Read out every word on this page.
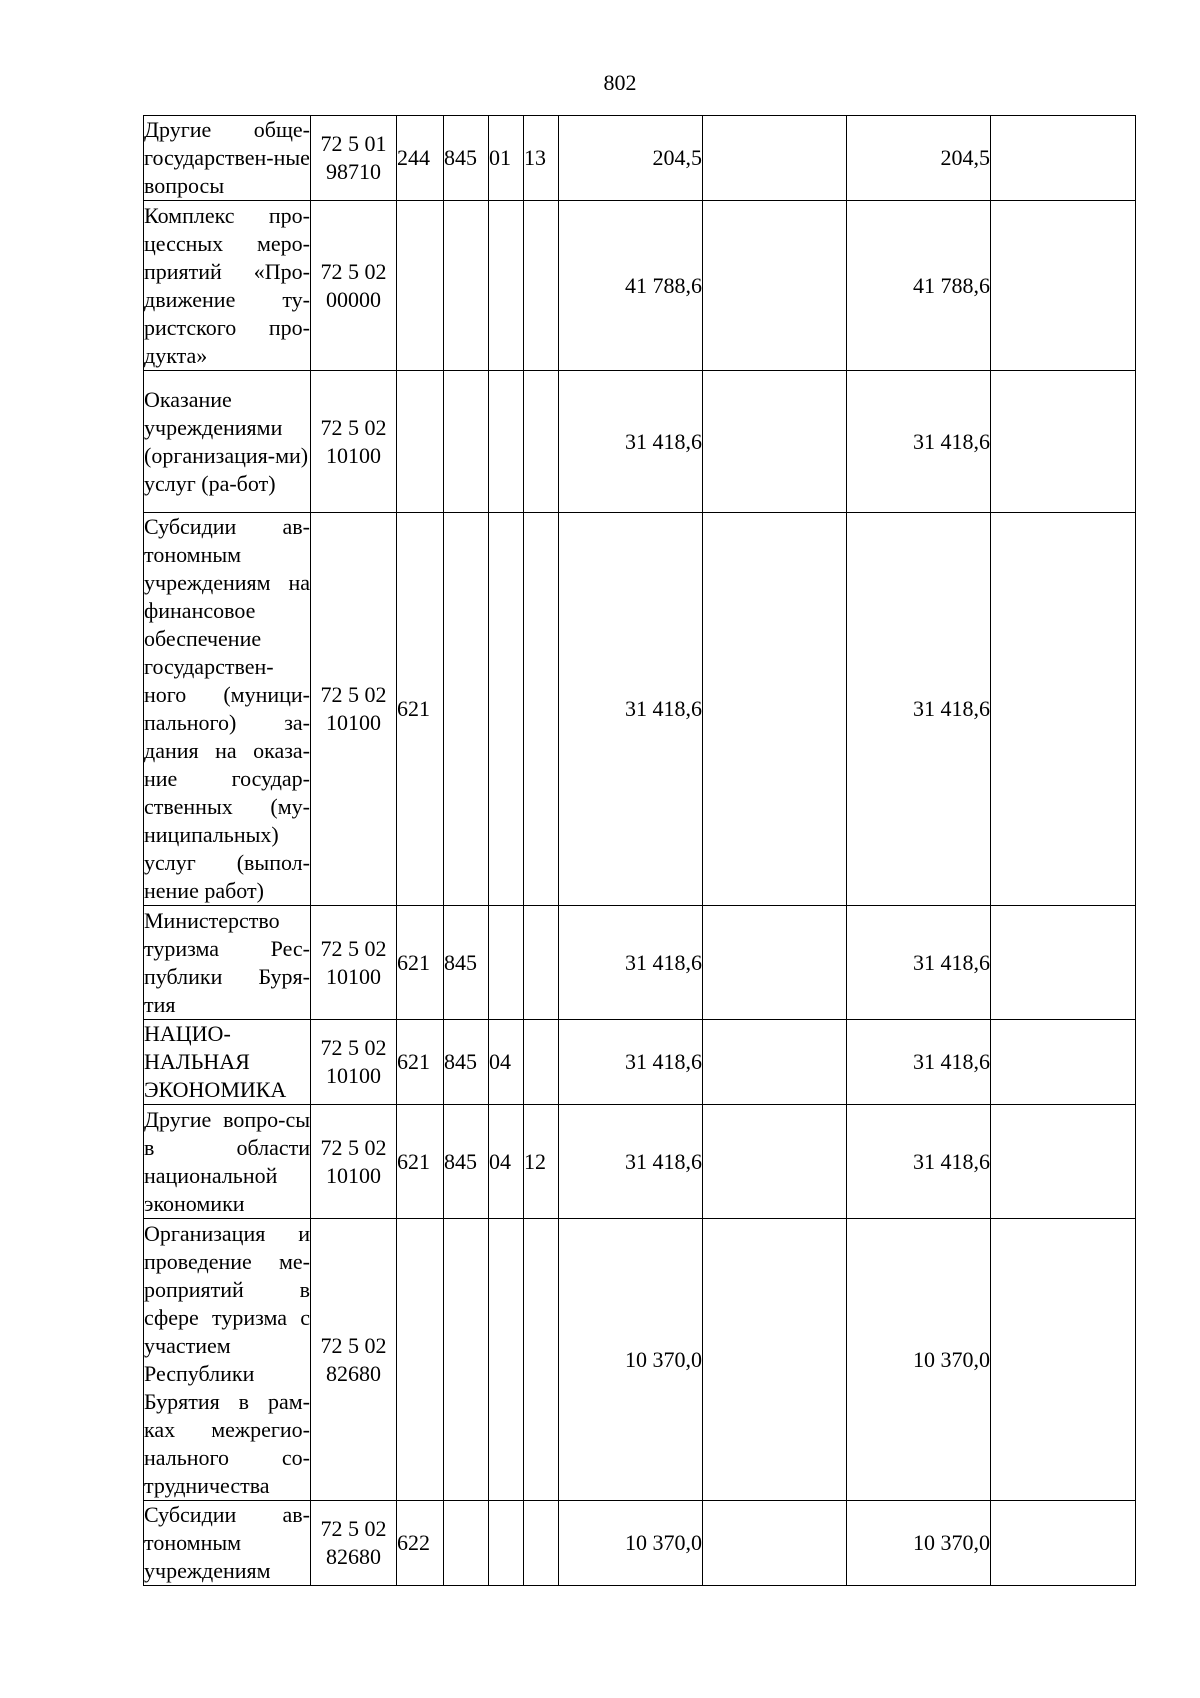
802
Другие обще-государствен-ные вопросы	72 5 01 98710	244	845	01	13	204,5		204,5	
Комплекс про-цессных меро-приятий «Про-движение ту-ристского про-дукта»	72 5 02 00000					41 788,6		41 788,6	
Оказание учреждениями (организация-ми) услуг (ра-бот)	72 5 02 10100					31 418,6		31 418,6	
Субсидии ав-тономным учреждениям на финансовое обеспечение государствен-ного (муници-пального) за-дания на оказа-ние государ-ственных (му-ниципальных) услуг (выпол-нение работ)	72 5 02 10100	621				31 418,6		31 418,6	
Министерство туризма Рес-публики Буря-тия	72 5 02 10100	621	845			31 418,6		31 418,6	
НАЦИО-НАЛЬНАЯ ЭКОНОМИКА	72 5 02 10100	621	845	04		31 418,6		31 418,6	
Другие вопро-сы в области национальной экономики	72 5 02 10100	621	845	04	12	31 418,6		31 418,6	
Организация и проведение ме-роприятий в сфере туризма с участием Республики Бурятия в рам-ках межрегио-нального со-трудничества	72 5 02 82680					10 370,0		10 370,0	
Субсидии ав-тономным учреждениям	72 5 02 82680	622				10 370,0		10 370,0	
